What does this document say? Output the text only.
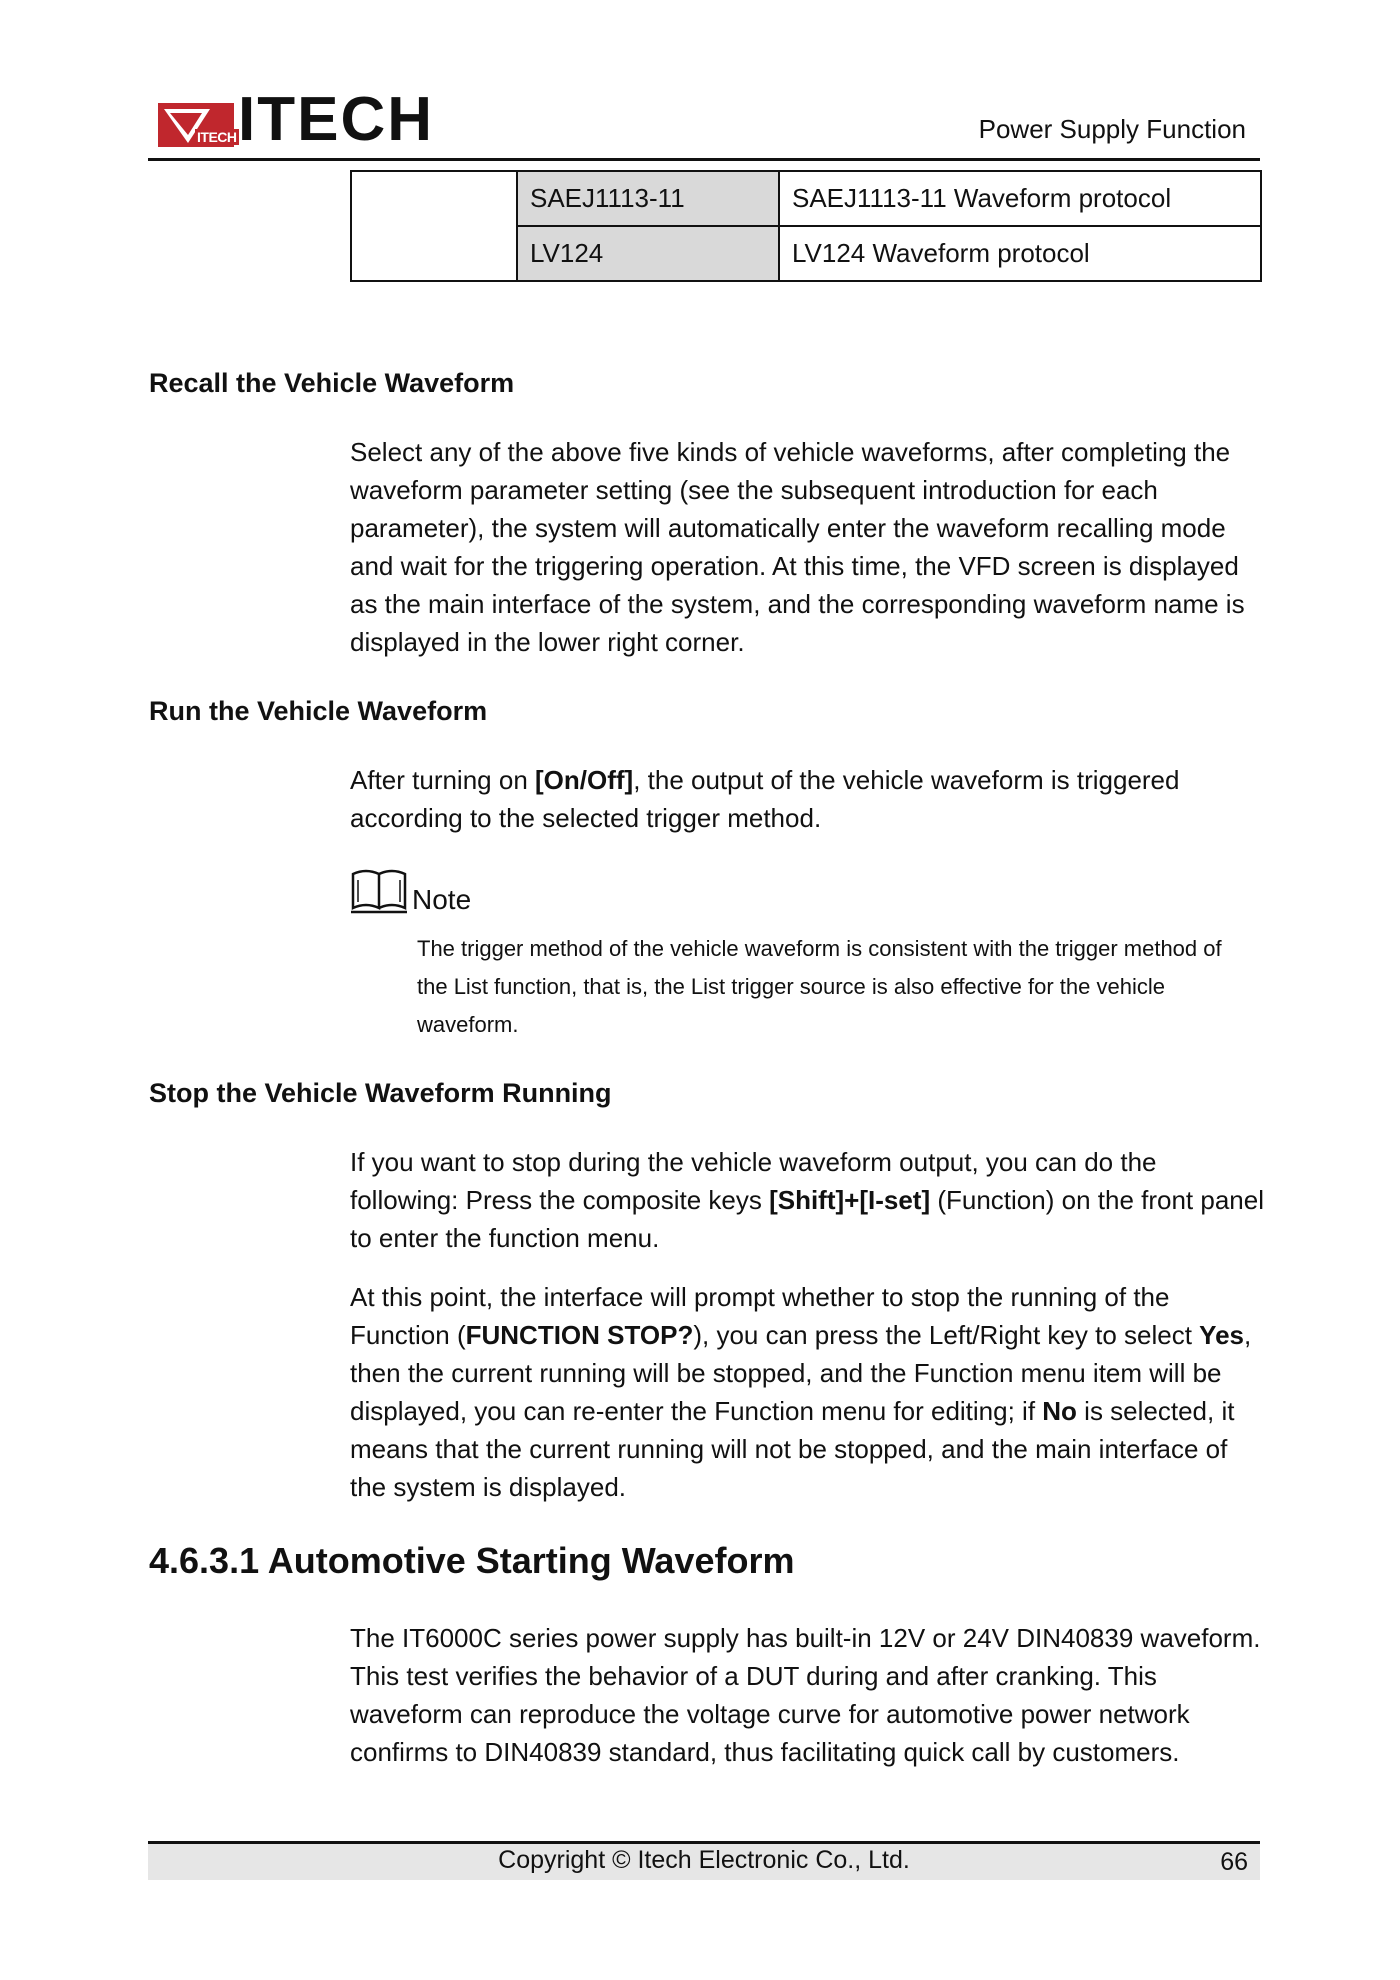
ITECH ITECH	Power Supply Function
	SAEJ1113-11	SAEJ1113-11 Waveform protocol
	LV124	LV124 Waveform protocol
Recall the Vehicle Waveform

Select any of the above five kinds of vehicle waveforms, after completing the waveform parameter setting (see the subsequent introduction for each parameter), the system will automatically enter the waveform recalling mode and wait for the triggering operation. At this time, the VFD screen is displayed as the main interface of the system, and the corresponding waveform name is displayed in the lower right corner.

Run the Vehicle Waveform

After turning on [On/Off], the output of the vehicle waveform is triggered according to the selected trigger method.

Note

The trigger method of the vehicle waveform is consistent with the trigger method of the List function, that is, the List trigger source is also effective for the vehicle waveform.

Stop the Vehicle Waveform Running

If you want to stop during the vehicle waveform output, you can do the following: Press the composite keys [Shift]+[I-set] (Function) on the front panel to enter the function menu.

At this point, the interface will prompt whether to stop the running of the Function (FUNCTION STOP?), you can press the Left/Right key to select Yes, then the current running will be stopped, and the Function menu item will be displayed, you can re-enter the Function menu for editing; if No is selected, it means that the current running will not be stopped, and the main interface of the system is displayed.

4.6.3.1 Automotive Starting Waveform

The IT6000C series power supply has built-in 12V or 24V DIN40839 waveform. This test verifies the behavior of a DUT during and after cranking. This waveform can reproduce the voltage curve for automotive power network confirms to DIN40839 standard, thus facilitating quick call by customers.

Copyright © Itech Electronic Co., Ltd.	66
